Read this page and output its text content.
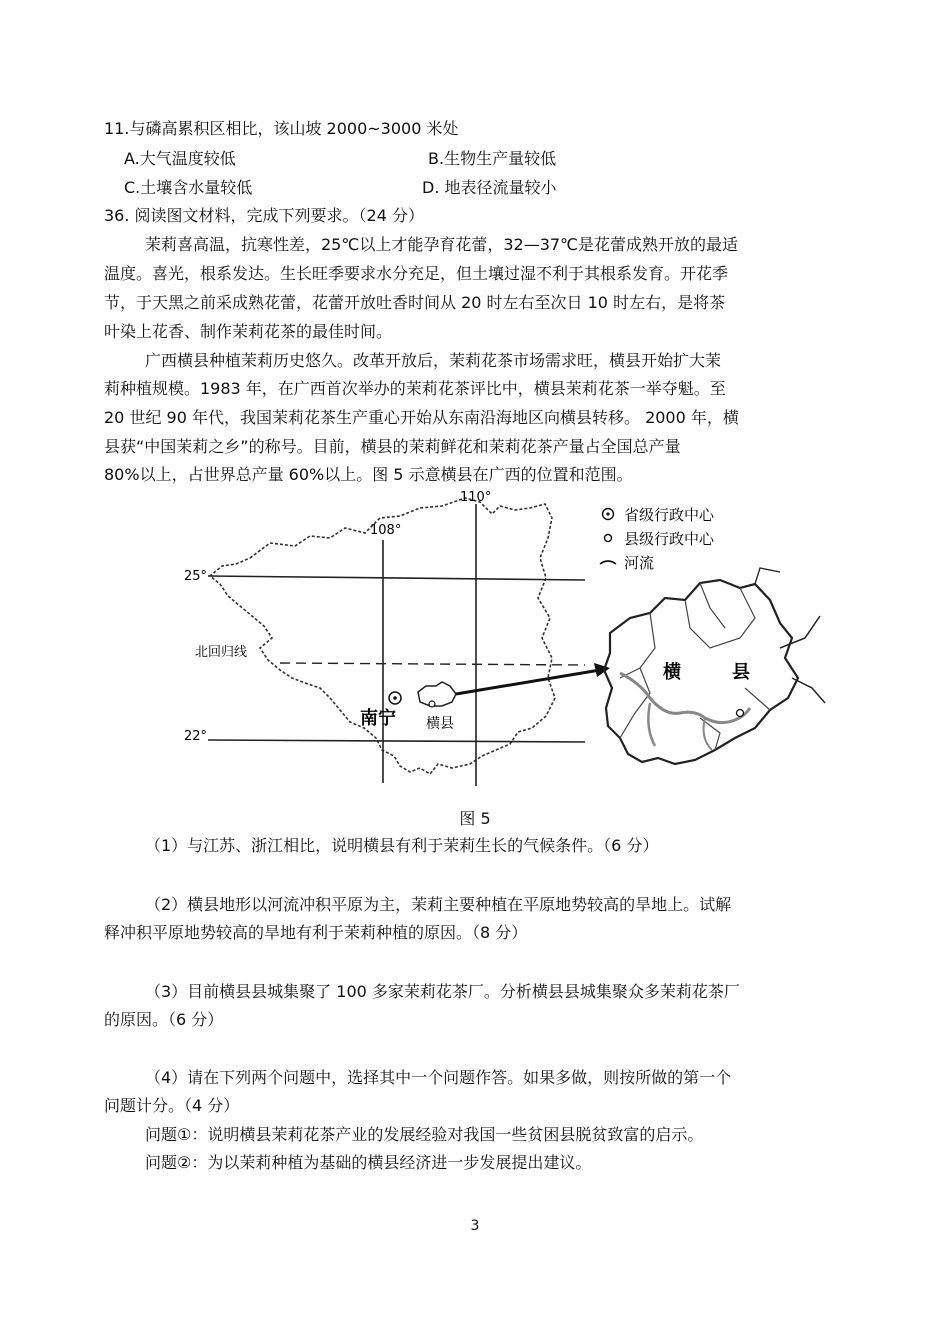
11.与磷高累积区相比，该山坡 2000~3000 米处
A.大气温度较低	B.生物生产量较低
C.土壤含水量较低	D. 地表径流量较小
36. 阅读图文材料，完成下列要求。（24 分）
茉莉喜高温，抗寒性差，25℃以上才能孕育花蕾，32—37℃是花蕾成熟开放的最适
温度。喜光，根系发达。生长旺季要求水分充足，但土壤过湿不利于其根系发育。开花季
节，于天黑之前采成熟花蕾，花蕾开放吐香时间从 20 时左右至次日 10 时左右，是将茶
叶染上花香、制作茉莉花茶的最佳时间。
广西横县种植茉莉历史悠久。改革开放后，茉莉花茶市场需求旺，横县开始扩大茉
莉种植规模。1983 年，在广西首次举办的茉莉花茶评比中，横县茉莉花茶一举夺魁。至
20 世纪 90 年代，我国茉莉花茶生产重心开始从东南沿海地区向横县转移。 2000 年，横
县获“中国茉莉之乡”的称号。目前，横县的茉莉鲜花和茉莉花茶产量占全国总产量
80%以上，占世界总产量 60%以上。图 5 示意横县在广西的位置和范围。
110°
108°
25°
22°
北回归线
南宁 横县
省级行政中心
县级行政中心
河流
横	县
图 5
（1）与江苏、浙江相比，说明横县有利于茉莉生长的气候条件。（6 分）
（2）横县地形以河流冲积平原为主，茉莉主要种植在平原地势较高的旱地上。试解
释冲积平原地势较高的旱地有利于茉莉种植的原因。（8 分）
（3）目前横县县城集聚了 100 多家茉莉花茶厂。分析横县县城集聚众多茉莉花茶厂
的原因。（6 分）
（4）请在下列两个问题中，选择其中一个问题作答。如果多做，则按所做的第一个
问题计分。（4 分）
问题①：说明横县茉莉花茶产业的发展经验对我国一些贫困县脱贫致富的启示。
问题②：为以茉莉种植为基础的横县经济进一步发展提出建议。
3
